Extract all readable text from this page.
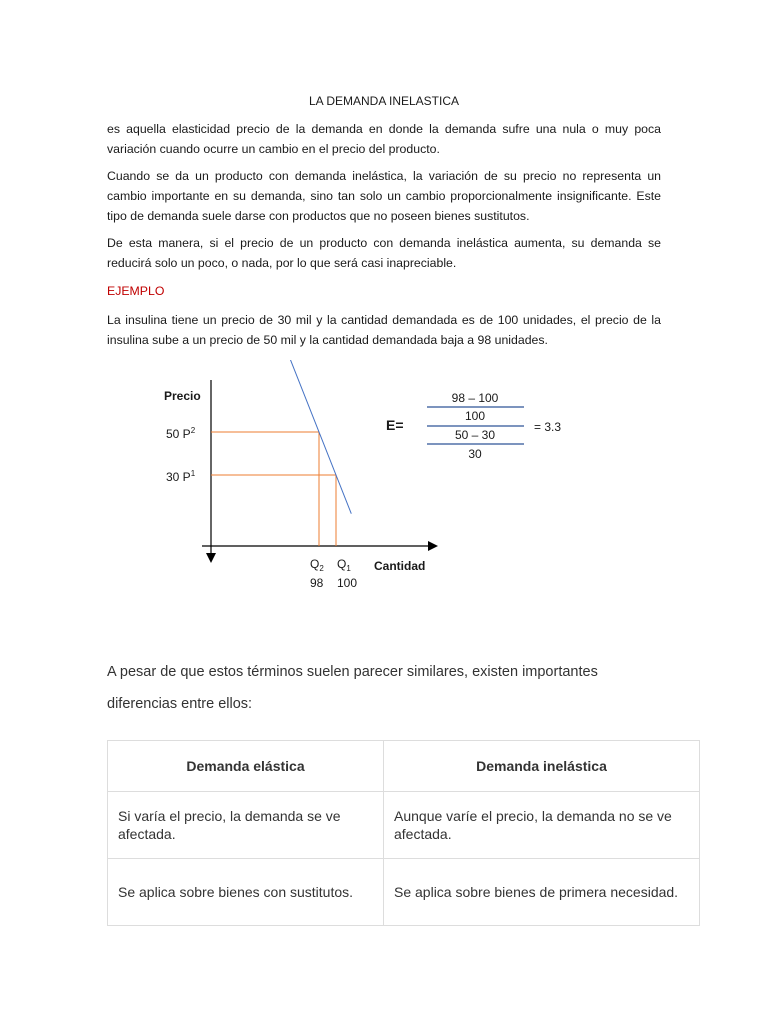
LA DEMANDA INELASTICA

es aquella elasticidad precio de la demanda en donde la demanda sufre una nula o muy poca variación cuando ocurre un cambio en el precio del producto.

Cuando se da un producto con demanda inelástica, la variación de su precio no representa un cambio importante en su demanda, sino tan solo un cambio proporcionalmente insignificante. Este tipo de demanda suele darse con productos que no poseen bienes sustitutos.

De esta manera, si el precio de un producto con demanda inelástica aumenta, su demanda se reducirá solo un poco, o nada, por lo que será casi inapreciable.

EJEMPLO

La insulina tiene un precio de 30 mil y la cantidad demandada es de 100 unidades, el precio de la insulina sube a un precio de 50 mil y la cantidad demandada baja a 98 unidades.

Precio
Cantidad
50 $P^2$
30 $P^1$
$Q_2$
98
$Q_1$
100
E=
98 – 100
100
50 – 30
30
= 3.3
A pesar de que estos términos suelen parecer similares, existen importantes diferencias entre ellos:
Demanda elástica	Demanda inelástica
Si varía el precio, la demanda se ve afectada.	Aunque varíe el precio, la demanda no se ve afectada.
Se aplica sobre bienes con sustitutos.	Se aplica sobre bienes de primera necesidad.
